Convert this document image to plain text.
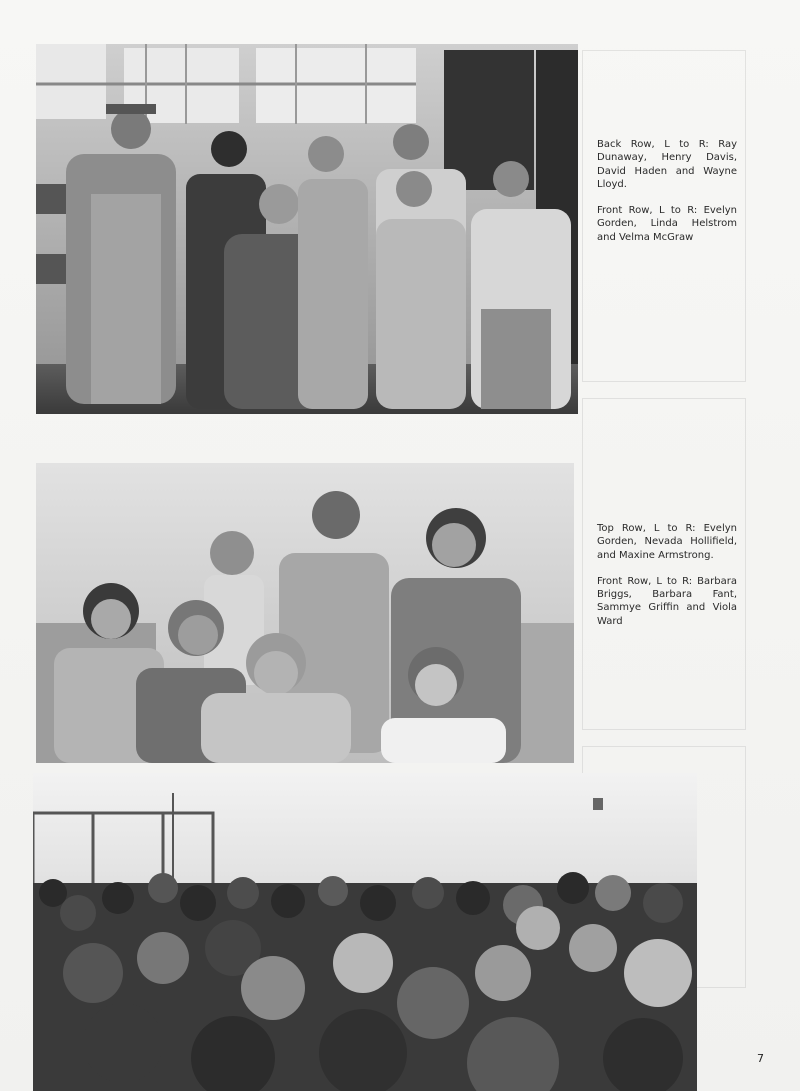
Back Row, L to R: Ray Dunaway, Henry Davis, David Haden and Wayne Lloyd.

Front Row, L to R: Evelyn Gorden, Linda Helstrom and Velma McGraw

Top Row, L to R: Evelyn Gorden, Nevada Hollifield, and Maxine Armstrong.

Front Row, L to R: Barbara Briggs, Barbara Fant, Sammye Griffin and Viola Ward

7
